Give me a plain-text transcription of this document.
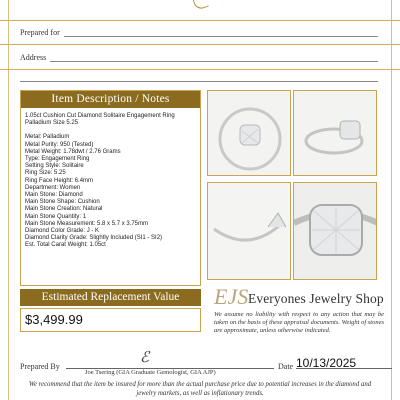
Prepared for
Address
Item Description / Notes
1.05ct Cushion Cut Diamond Solitaire Engagement Ring Palladium Size 5.25
Metal: Palladium
Metal Purity: 950 (Tested)
Metal Weight: 1.78dwt / 2.76 Grams
Type: Engagement Ring
Setting Style: Solitaire
Ring Size: 5.25
Ring Face Height: 6.4mm
Department: Women
Main Stone: Diamond
Main Stone Shape: Cushion
Main Stone Creation: Natural
Main Stone Quantity: 1
Main Stone Measurement: 5.8 x 5.7 x 3.75mm
Diamond Color Grade: J - K
Diamond Clarity Grade: Slightly Included (SI1 - SI2)
Est. Total Carat Weight: 1.05ct
Estimated Replacement Value
$3,499.99
EJS Everyones Jewelry Shop
We assume no liability with respect to any action that may be taken on the basis of these appraisal documents. Weight of stones are approximate, unless otherwise indicated.
Prepared By
ℰ
Date 10/13/2025
Joe Tsering (GIA Graduate Gemologist, GIA AJP)
We recommend that the item be insured for more than the actual purchase price due to potential increases in the diamond and jewelry markets, as well as inflationary trends.
